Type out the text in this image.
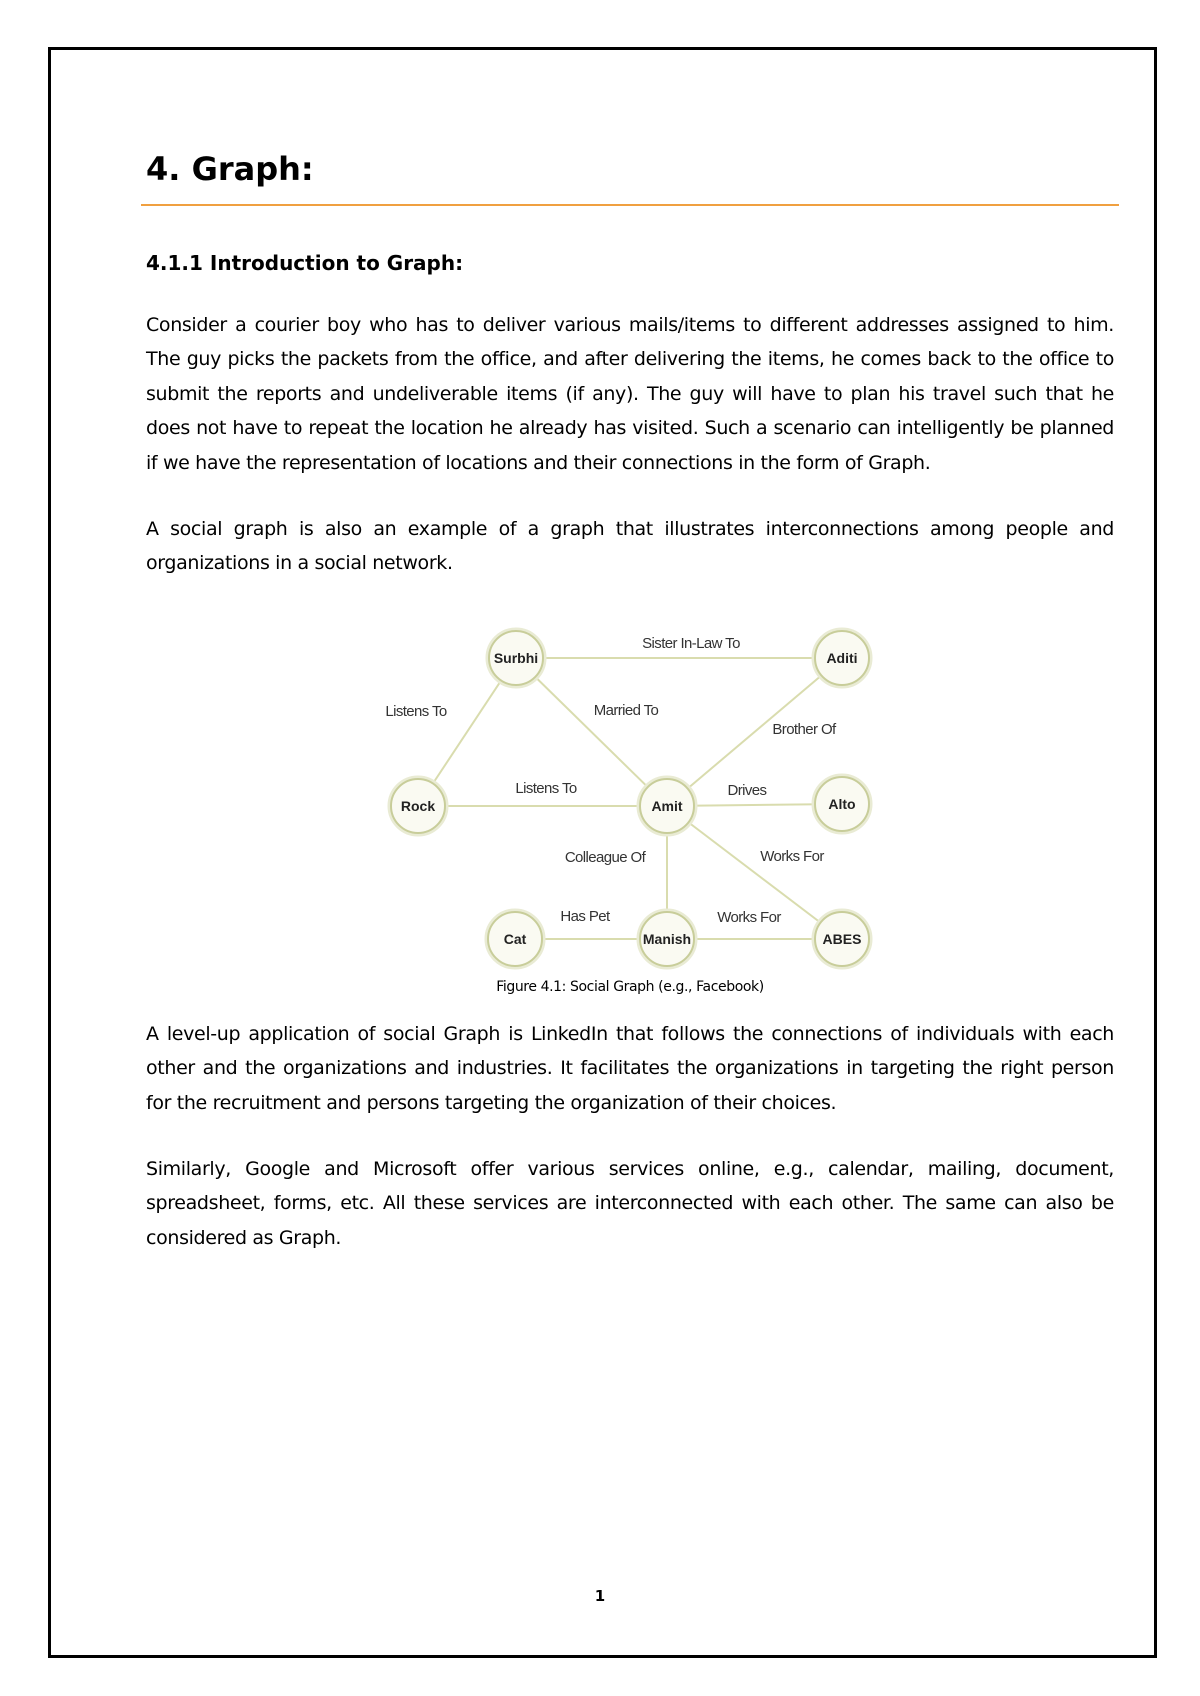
4. Graph:
4.1.1 Introduction to Graph:

Consider a courier boy who has to deliver various mails/items to different addresses assigned to him. The guy picks the packets from the office, and after delivering the items, he comes back to the office to submit the reports and undeliverable items (if any). The guy will have to plan his travel such that he does not have to repeat the location he already has visited. Such a scenario can intelligently be planned if we have the representation of locations and their connections in the form of Graph.

A social graph is also an example of a graph that illustrates interconnections among people and organizations in a social network.

Sister In-Law To
Listens To	Married To
Brother Of
Listens To	Drives
Colleague Of	Works For
Has Pet	Works For
Surbhi	Aditi
Rock	Amit	Alto
Cat	Manish	ABES
Figure 4.1: Social Graph (e.g., Facebook)

A level-up application of social Graph is LinkedIn that follows the connections of individuals with each other and the organizations and industries. It facilitates the organizations in targeting the right person for the recruitment and persons targeting the organization of their choices.

Similarly, Google and Microsoft offer various services online, e.g., calendar, mailing, document, spreadsheet, forms, etc. All these services are interconnected with each other. The same can also be considered as Graph.

1
